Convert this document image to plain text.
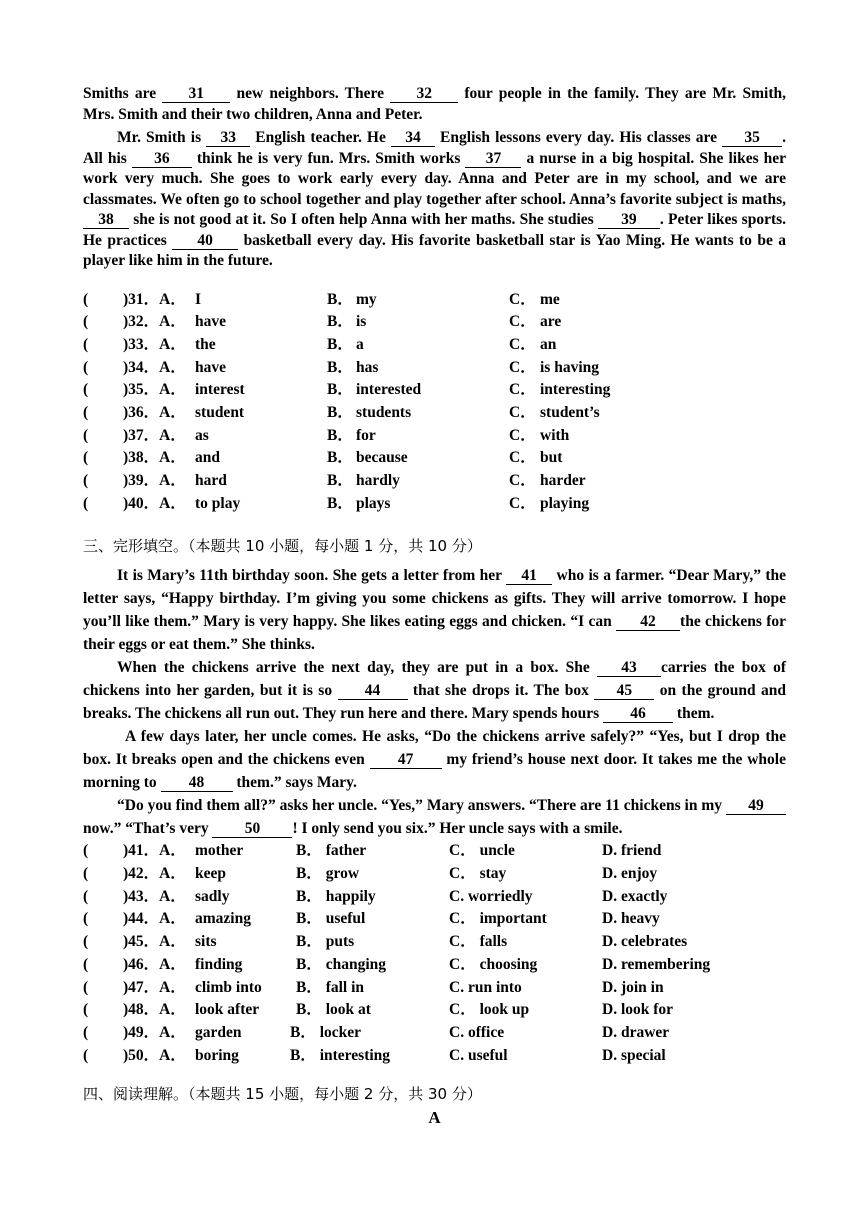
Smiths are 31 new neighbors. There 32 four people in the family. They are Mr. Smith, Mrs. Smith and their two children, Anna and Peter.

Mr. Smith is 33 English teacher. He 34 English lessons every day. His classes are 35 . All his 36 think he is very fun. Mrs. Smith works 37 a nurse in a big hospital. She likes her work very much. She goes to work early every day. Anna and Peter are in my school, and we are classmates. We often go to school together and play together after school. Anna’s favorite subject is maths, 38 she is not good at it. So I often help Anna with her maths. She studies 39 . Peter likes sports. He practices 40 basketball every day. His favorite basketball star is Yao Ming. He wants to be a player like him in the future.

( )31．A． I	B． my	C． me
( )32．A． have	B． is	C． are
( )33．A． the	B． a	C． an
( )34．A． have	B． has	C． is having
( )35．A． interest	B． interested	C． interesting
( )36．A． student	B． students	C． student’s
( )37．A． as	B． for	C． with
( )38．A． and	B． because	C． but
( )39．A． hard	B． hardly	C． harder
( )40．A． to play	B． plays	C． playing

三、完形填空。（本题共 10 小题，每小题 1 分，共 10 分）

It is Mary’s 11th birthday soon. She gets a letter from her 41 who is a farmer. “Dear Mary,” the letter says, “Happy birthday. I’m giving you some chickens as gifts. They will arrive tomorrow. I hope you’ll like them.” Mary is very happy. She likes eating eggs and chicken. “I can 42 the chickens for their eggs or eat them.” She thinks.

When the chickens arrive the next day, they are put in a box. She 43 carries the box of chickens into her garden, but it is so 44 that she drops it. The box 45 on the ground and breaks. The chickens all run out. They run here and there. Mary spends hours 46 them.

A few days later, her uncle comes. He asks, “Do the chickens arrive safely?” “Yes, but I drop the box. It breaks open and the chickens even 47 my friend’s house next door. It takes me the whole morning to 48 them.” says Mary.

“Do you find them all?” asks her uncle. “Yes,” Mary answers. “There are 11 chickens in my 49 now.” “That’s very 50 ! I only send you six.” Her uncle says with a smile.

( )41．A． mother	B． father	C． uncle	D. friend
( )42．A． keep	B． grow	C． stay	D. enjoy
( )43．A． sadly	B． happily	C. worriedly	D. exactly
( )44．A． amazing	B． useful	C． important	D. heavy
( )45．A． sits	B． puts	C． falls	D. celebrates
( )46．A． finding	B． changing	C． choosing	D. remembering
( )47．A． climb into B． fall in	C. run into	D. join in
( )48．A． look after B． look at	C． look up	D. look for
( )49．A． garden	B． locker	C. office	D. drawer
( )50．A． boring	B． interesting	C. useful	D. special

四、阅读理解。（本题共 15 小题，每小题 2 分，共 30 分）

A
